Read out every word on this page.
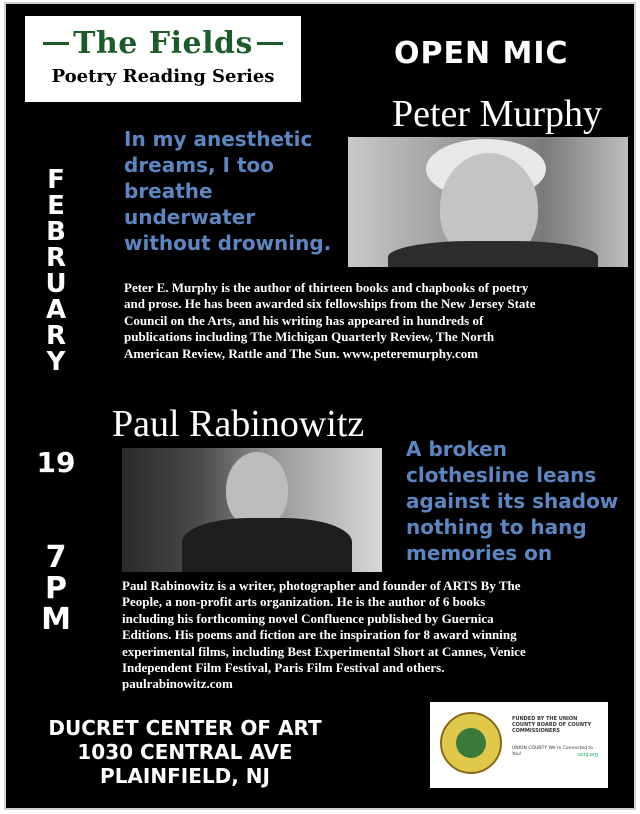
The Fields
Poetry Reading Series
OPEN MIC
Peter Murphy
In my anesthetic
dreams, I too
breathe
underwater
without drowning.
Peter E. Murphy is the author of thirteen books and chapbooks of poetry
and prose. He has been awarded six fellowships from the New Jersey State
Council on the Arts, and his writing has appeared in hundreds of
publications including The Michigan Quarterly Review, The North
American Review, Rattle and The Sun. www.peteremurphy.com
F
E
B
R
U
A
R
Y
19
7
P
M
Paul Rabinowitz
A broken
clothesline leans
against its shadow
nothing to hang
memories on
Paul Rabinowitz is a writer, photographer and founder of ARTS By The
People, a non-profit arts organization. He is the author of 6 books
including his forthcoming novel Confluence published by Guernica
Editions. His poems and fiction are the inspiration for 8 award winning
experimental films, including Best Experimental Short at Cannes, Venice
Independent Film Festival, Paris Film Festival and others.
paulrabinowitz.com
DUCRET CENTER OF ART
1030 CENTRAL AVE
PLAINFIELD, NJ
FUNDED BY THE UNION COUNTY BOARD OF COUNTY COMMISSIONERS
UNION COUNTY We're Connected to You!	ucnj.org
